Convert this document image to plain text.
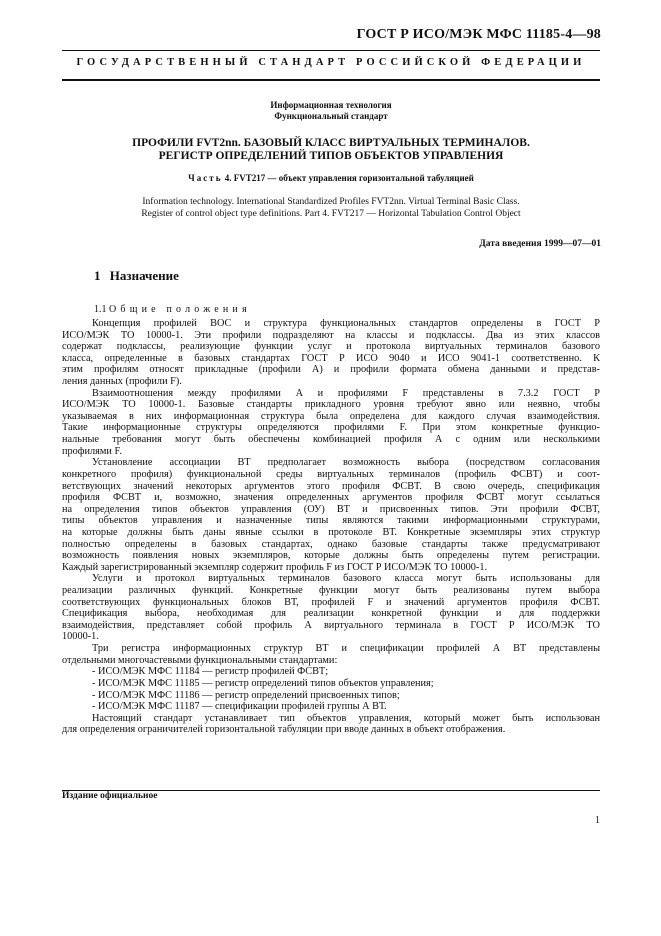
ГОСТ Р ИСО/МЭК МФС 11185-4—98
ГОСУДАРСТВЕННЫЙ СТАНДАРТ РОССИЙСКОЙ ФЕДЕРАЦИИ
Информационная технология
Функциональный стандарт
ПРОФИЛИ FVT2nn. БАЗОВЫЙ КЛАСС ВИРТУАЛЬНЫХ ТЕРМИНАЛОВ.
РЕГИСТР ОПРЕДЕЛЕНИЙ ТИПОВ ОБЪЕКТОВ УПРАВЛЕНИЯ
Часть 4. FVT217 — объект управления горизонтальной табуляцией
Information technology. International Standardized Profiles FVT2nn. Virtual Terminal Basic Class.
Register of control object type definitions. Part 4. FVT217 — Horizontal Tabulation Control Object
Дата введения 1999—07—01
1 Назначение
1.1 Общие положения
Концепция профилей ВОС и структура функциональных стандартов определены в ГОСТ Р
ИСО/МЭК ТО 10000-1. Эти профили подразделяют на классы и подклассы. Два из этих классов
содержат подклассы, реализующие функции услуг и протокола виртуальных терминалов базового
класса, определенные в базовых стандартах ГОСТ Р ИСО 9040 и ИСО 9041-1 соответственно. К
этим профилям относят прикладные (профили А) и профили формата обмена данными и представ-
ления данных (профили F).
Взаимоотношения между профилями А и профилями F представлены в 7.3.2 ГОСТ Р
ИСО/МЭК ТО 10000-1. Базовые стандарты прикладного уровня требуют явно или неявно, чтобы
указываемая в них информационная структура была определена для каждого случая взаимодействия.
Такие информационные структуры определяются профилями F. При этом конкретные функцио-
нальные требования могут быть обеспечены комбинацией профиля А с одним или несколькими
профилями F.
Установление ассоциации ВТ предполагает возможность выбора (посредством согласования
конкретного профиля) функциональной среды виртуальных терминалов (профиль ФСВТ) и соот-
ветствующих значений некоторых аргументов этого профиля ФСВТ. В свою очередь, спецификация
профиля ФСВТ и, возможно, значения определенных аргументов профиля ФСВТ могут ссылаться
на определения типов объектов управления (ОУ) ВТ и присвоенных типов. Эти профили ФСВТ,
типы объектов управления и назначенные типы являются такими информационными структурами,
на которые должны быть даны явные ссылки в протоколе ВТ. Конкретные экземпляры этих структур
полностью определены в базовых стандартах, однако базовые стандарты также предусматривают
возможность появления новых экземпляров, которые должны быть определены путем регистрации.
Каждый зарегистрированный экземпляр содержит профиль F из ГОСТ Р ИСО/МЭК ТО 10000-1.
Услуги и протокол виртуальных терминалов базового класса могут быть использованы для
реализации различных функций. Конкретные функции могут быть реализованы путем выбора
соответствующих функциональных блоков ВТ, профилей F и значений аргументов профиля ФСВТ.
Спецификация выбора, необходимая для реализации конкретной функции и для поддержки
взаимодействия, представляет собой профиль А виртуального терминала в ГОСТ Р ИСО/МЭК ТО
10000-1.
Три регистра информационных структур ВТ и спецификации профилей А ВТ представлены
отдельными многочастевыми функциональными стандартами:
- ИСО/МЭК МФС 11184 — регистр профилей ФСВТ;
- ИСО/МЭК МФС 11185 — регистр определений типов объектов управления;
- ИСО/МЭК МФС 11186 — регистр определений присвоенных типов;
- ИСО/МЭК МФС 11187 — спецификации профилей группы А ВТ.
Настоящий стандарт устанавливает тип объектов управления, который может быть использован
для определения ограничителей горизонтальной табуляции при вводе данных в объект отображения.
Издание официальное
1
